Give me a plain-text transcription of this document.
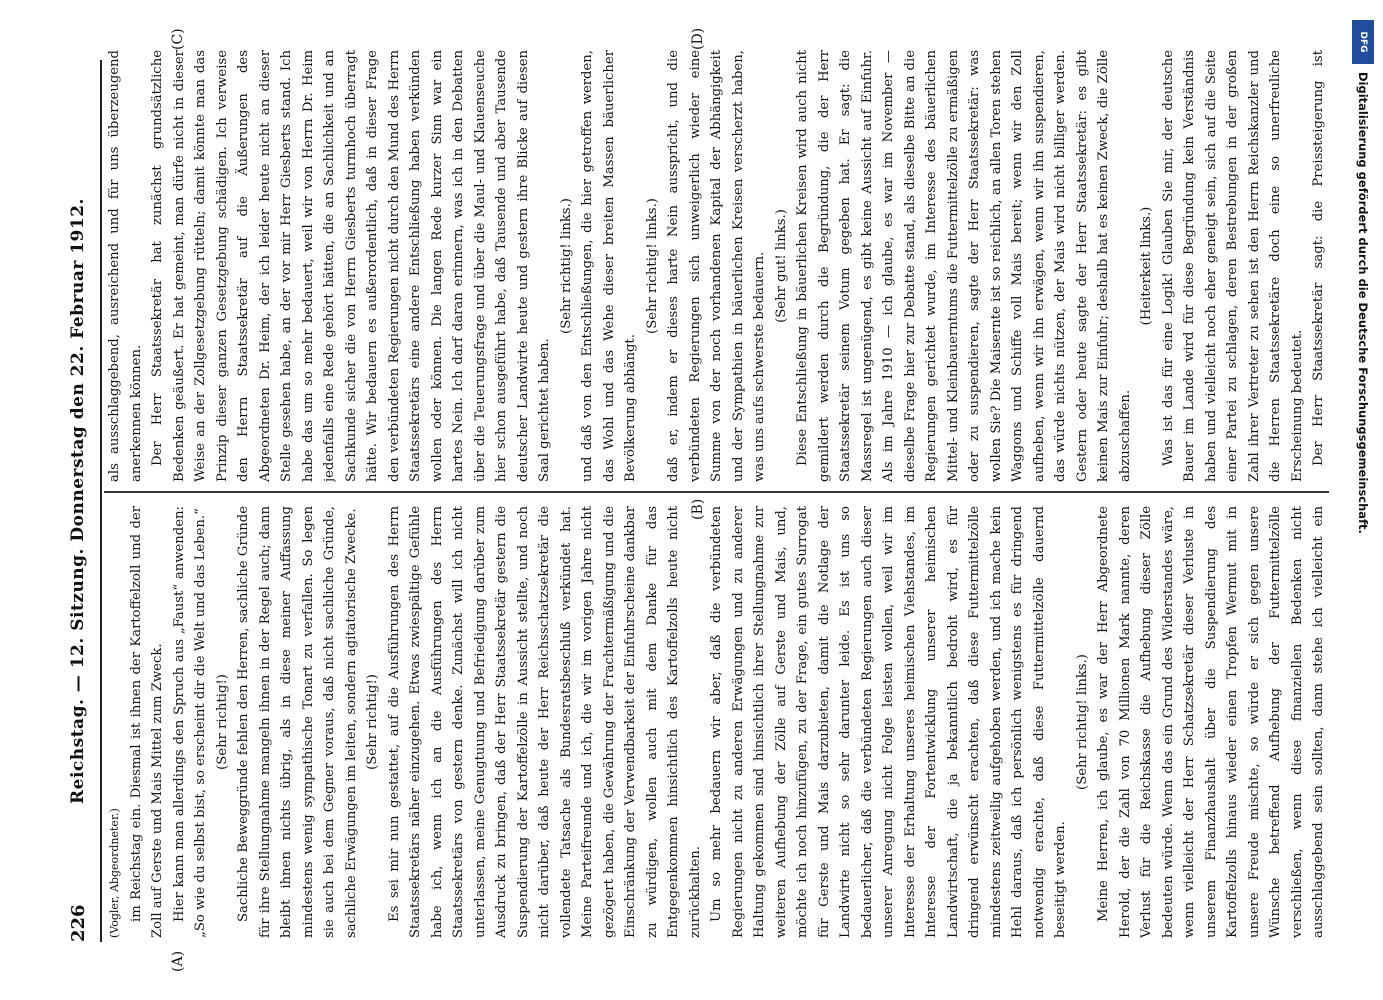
226
Reichstag. — 12. Sitzung. Donnerstag den 22. Februar 1912.
(A)
(B)
(C)	(D)

(Vogler, Abgeordneter.) im Reichstag ein. Diesmal ist ihnen der Kartoffelzoll und der Zoll auf Gerste und Mais Mittel zum Zweck. Hier kann man allerdings den Spruch aus „Faust“ anwenden: „So wie du selbst bist, so erscheint dir die Welt und das Leben.“ (Sehr richtig!) Sachliche Beweggründe fehlen den Herren, sachliche Gründe für ihre Stellungnahme mangeln ihnen in der Regel auch; dann bleibt ihnen nichts übrig, als in diese meiner Auffassung mindestens wenig sympathische Tonart zu verfallen. So legen sie auch bei dem Gegner voraus, daß nicht sachliche Gründe, sachliche Erwägungen im leiten, sondern agitatorische Zwecke. (Sehr richtig!) Es sei mir nun gestattet, auf die Ausführungen des Herrn Staatssekretärs näher einzugehen. Etwas zwiespältige Gefühle habe ich, wenn ich an die Ausführungen des Herrn Staatssekretärs von gestern denke. Zunächst will ich nicht unterlassen, meine Genugtuung und Befriedigung darüber zum Ausdruck zu bringen, daß der Herr Staatssekretär gestern die Suspendierung der Kartoffelzölle in Aussicht stellte, und noch nicht darüber, daß heute der Herr Reichsschatzsekretär die vollendete Tatsache als Bundesratsbeschluß verkündet hat. Meine Parteifreunde und ich, die wir im vorigen Jahre nicht gezögert haben, die Gewährung der Frachtermäßigung und die Einschränkung der Verwendbarkeit der Einfuhrscheine dankbar zu würdigen, wollen auch mit dem Danke für das Entgegenkommen hinsichtlich des Kartoffelzolls heute nicht zurückhalten. Um so mehr bedauern wir aber, daß die verbündeten Regierungen nicht zu anderen Erwägungen und zu anderer Haltung gekommen sind hinsichtlich ihrer Stellungnahme zur weiteren Aufhebung der Zölle auf Gerste und Mais, und, möchte ich noch hinzufügen, zu der Frage, ein gutes Surrogat für Gerste und Mais darzubieten, damit die Notlage der Landwirte nicht so sehr darunter leide. Es ist uns so bedauerlicher, daß die verbündeten Regierungen auch dieser unserer Anregung nicht Folge leisten wollen, weil wir im Interesse der Erhaltung unseres heimischen Viehstandes, im Interesse der Fortentwicklung unserer heimischen Landwirtschaft, die ja bekanntlich bedroht wird, es für dringend erwünscht erachten, daß diese Futtermittelzölle mindestens zeitweilig aufgehoben werden, und ich mache kein Hehl daraus, daß ich persönlich wenigstens es für dringend notwendig erachte, daß diese Futtermittelzölle dauernd beseitigt werden.

(Sehr richtig! links.)

Meine Herren, ich glaube, es war der Herr Abgeordnete Herold, der die Zahl von 70 Millionen Mark nannte, deren Verlust für die Reichskasse die Aufhebung dieser Zölle bedeuten würde. Wenn das ein Grund des Widerstandes wäre, wenn vielleicht der Herr Schatzsekretär dieser Verluste in unserem Finanzhaushalt über die Suspendierung des Kartoffelzolls hinaus wieder einen Tropfen Wermut mit in unsere Freude mischte, so würde er sich gegen unsere Wünsche betreffend Aufhebung der Futtermittelzölle verschließen, wenn diese finanziellen Bedenken nicht ausschlaggebend sein sollten, dann stehe ich vielleicht ein

als ausschlaggebend, ausreichend und für uns überzeugend anerkennen können. Der Herr Staatssekretär hat zunächst grundsätzliche Bedenken geäußert. Er hat gemeint, man dürfe nicht in dieser Weise an der Zollgesetzgebung rütteln; damit könnte man das Prinzip dieser ganzen Gesetzgebung schädigen. Ich verweise den Herrn Staatssekretär auf die Äußerungen des Abgeordneten Dr. Heim, der ich leider heute nicht an dieser Stelle gesehen habe, an der vor mir Herr Giesberts stand. Ich habe das um so mehr bedauert, weil wir von Herrn Dr. Heim jedenfalls eine Rede gehört hätten, die an Sachlichkeit und an Sachkunde sicher die von Herrn Giesberts turmhoch überragt hätte. Wir bedauern es außerordentlich, daß in dieser Frage den verbündeten Regierungen nicht durch den Mund des Herrn Staatssekretärs eine andere Entschließung haben verkünden wollen oder können. Die langen Rede kurzer Sinn war ein hartes Nein. Ich darf daran erinnern, was ich in den Debatten über die Teuerungsfrage und über die Maul- und Klauenseuche hier schon ausgeführt habe, daß Tausende und aber Tausende deutscher Landwirte heute und gestern ihre Blicke auf diesen Saal gerichtet haben.

(Sehr richtig! links.) und daß von den Entschließungen, die hier getroffen werden, das Wohl und das Wehe dieser breiten Massen bäuerlicher Bevölkerung abhängt.

(Sehr richtig! links.) daß er, indem er dieses harte Nein ausspricht, und die verbündeten Regierungen sich unweigerlich wieder eine Summe von der noch vorhandenen Kapital der Abhängigkeit und der Sympathien in bäuerlichen Kreisen verscherzt haben, was uns aufs schwerste bedauern. (Sehr gut! links.) Diese Entschließung in bäuerlichen Kreisen wird auch nicht gemildert werden durch die Begründung, die der Herr Staatssekretär seinem Votum gegeben hat. Er sagt: die Massregel ist ungenügend, es gibt keine Aussicht auf Einfuhr. Als im Jahre 1910 — ich glaube, es war im November — dieselbe Frage hier zur Debatte stand, als dieselbe Bitte an die Regierungen gerichtet wurde, im Interesse des bäuerlichen Mittel- und Kleinbauerntums die Futtermittelzölle zu ermäßigen oder zu suspendieren, sagte der Herr Staatssekretär: was wollen Sie? Die Maisernte ist so reichlich, an allen Toren stehen Waggons und Schiffe voll Mais bereit; wenn wir den Zoll aufheben, wenn wir ihn erwägen, wenn wir ihn suspendieren, das würde nichts nützen, der Mais wird nicht billiger werden. Gestern oder heute sagte der Herr Staatssekretär: es gibt keinen Mais zur Einfuhr; deshalb hat es keinen Zweck, die Zölle abzuschaffen.

(Heiterkeit links.) Was ist das für eine Logik! Glauben Sie mir, der deutsche Bauer im Lande wird für diese Begründung kein Verständnis haben und vielleicht noch eher geneigt sein, sich auf die Seite einer Partei zu schlagen, deren Bestrebungen in der großen Zahl ihrer Vertreter zu sehen ist den Herrn Reichskanzler und die Herren Staatssekretäre doch eine so unerfreuliche Erscheinung bedeutet. Der Herr Staatssekretär sagt: die Preissteigerung ist

DFG
Digitalisierung gefördert durch die Deutsche Forschungsgemeinschaft.
